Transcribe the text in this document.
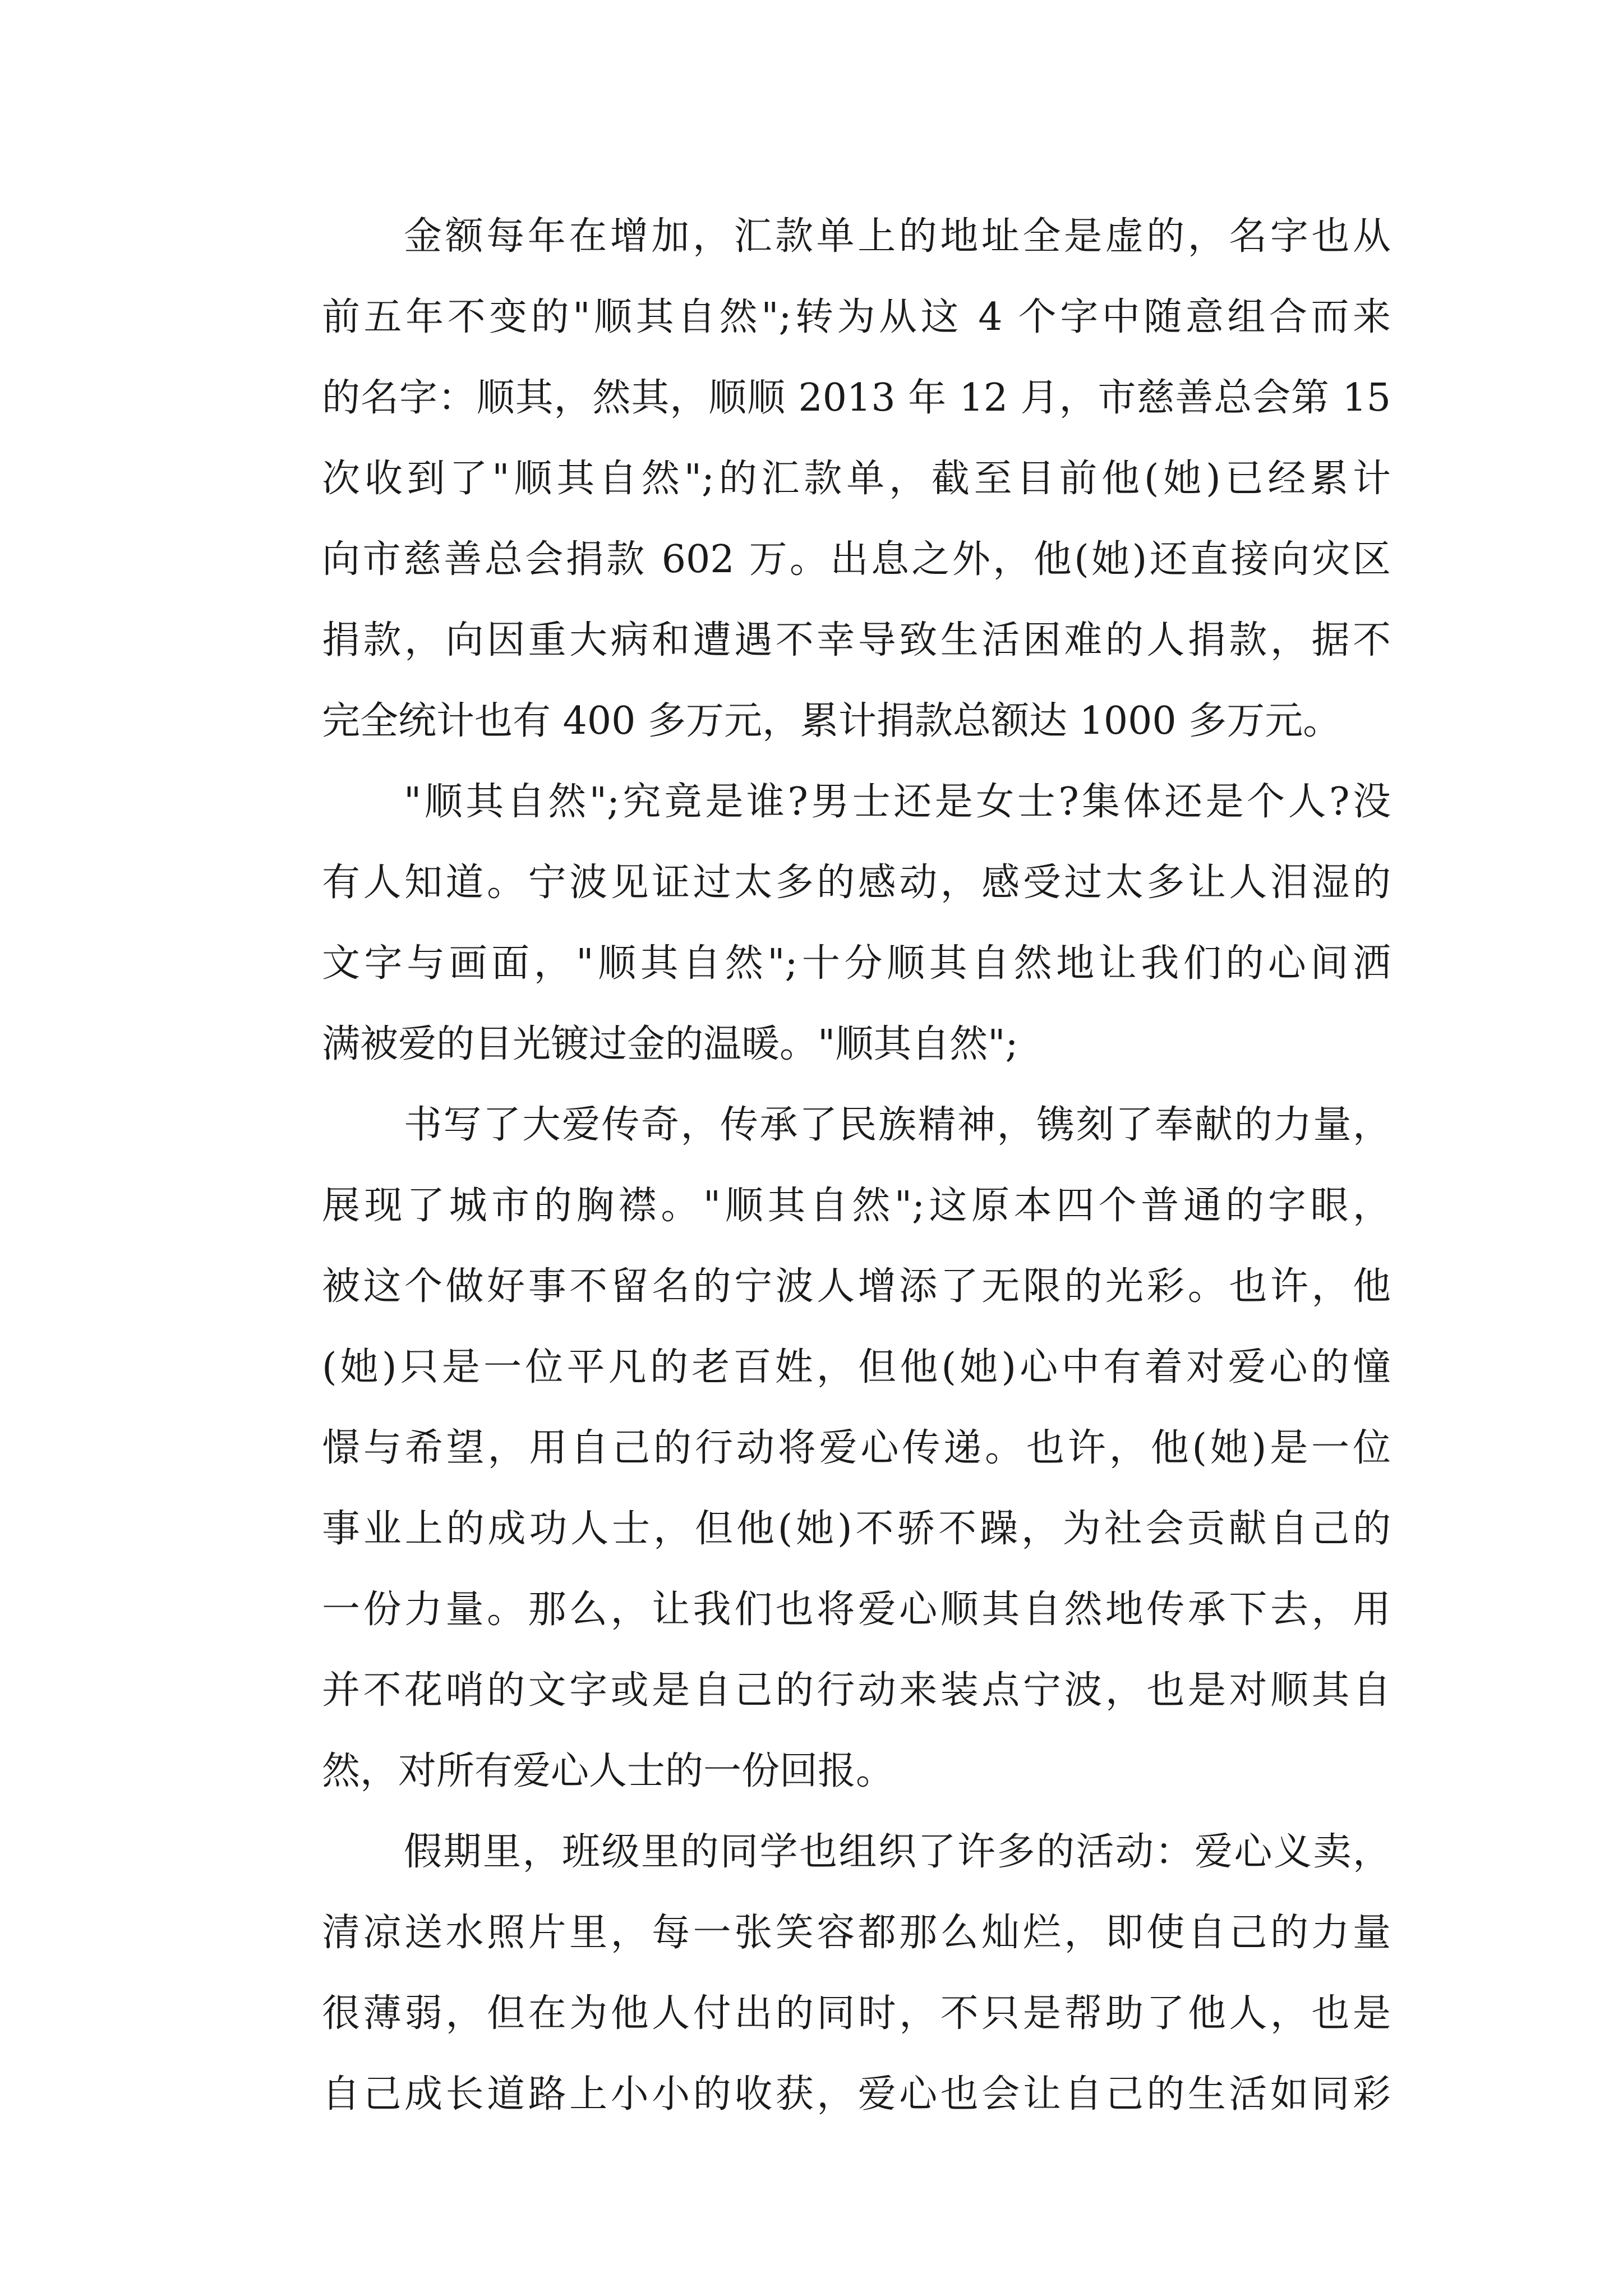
金额每年在增加，汇款单上的地址全是虚的，名字也从
前五年不变的"顺其自然";转为从这 4 个字中随意组合而来
的名字：顺其，然其，顺顺 2013 年 12 月，市慈善总会第 15
次收到了"顺其自然";的汇款单，截至目前他(她)已经累计
向市慈善总会捐款 602 万。出息之外，他(她)还直接向灾区
捐款，向因重大病和遭遇不幸导致生活困难的人捐款，据不
完全统计也有 400 多万元，累计捐款总额达 1000 多万元。
"顺其自然";究竟是谁?男士还是女士?集体还是个人?没
有人知道。宁波见证过太多的感动，感受过太多让人泪湿的
文字与画面，"顺其自然";十分顺其自然地让我们的心间洒
满被爱的目光镀过金的温暖。"顺其自然";
书写了大爱传奇，传承了民族精神，镌刻了奉献的力量，
展现了城市的胸襟。"顺其自然";这原本四个普通的字眼，
被这个做好事不留名的宁波人增添了无限的光彩。也许，他
(她)只是一位平凡的老百姓，但他(她)心中有着对爱心的憧
憬与希望，用自己的行动将爱心传递。也许，他(她)是一位
事业上的成功人士，但他(她)不骄不躁，为社会贡献自己的
一份力量。那么，让我们也将爱心顺其自然地传承下去，用
并不花哨的文字或是自己的行动来装点宁波，也是对顺其自
然，对所有爱心人士的一份回报。
假期里，班级里的同学也组织了许多的活动：爱心义卖，
清凉送水照片里，每一张笑容都那么灿烂，即使自己的力量
很薄弱，但在为他人付出的同时，不只是帮助了他人，也是
自己成长道路上小小的收获，爱心也会让自己的生活如同彩
